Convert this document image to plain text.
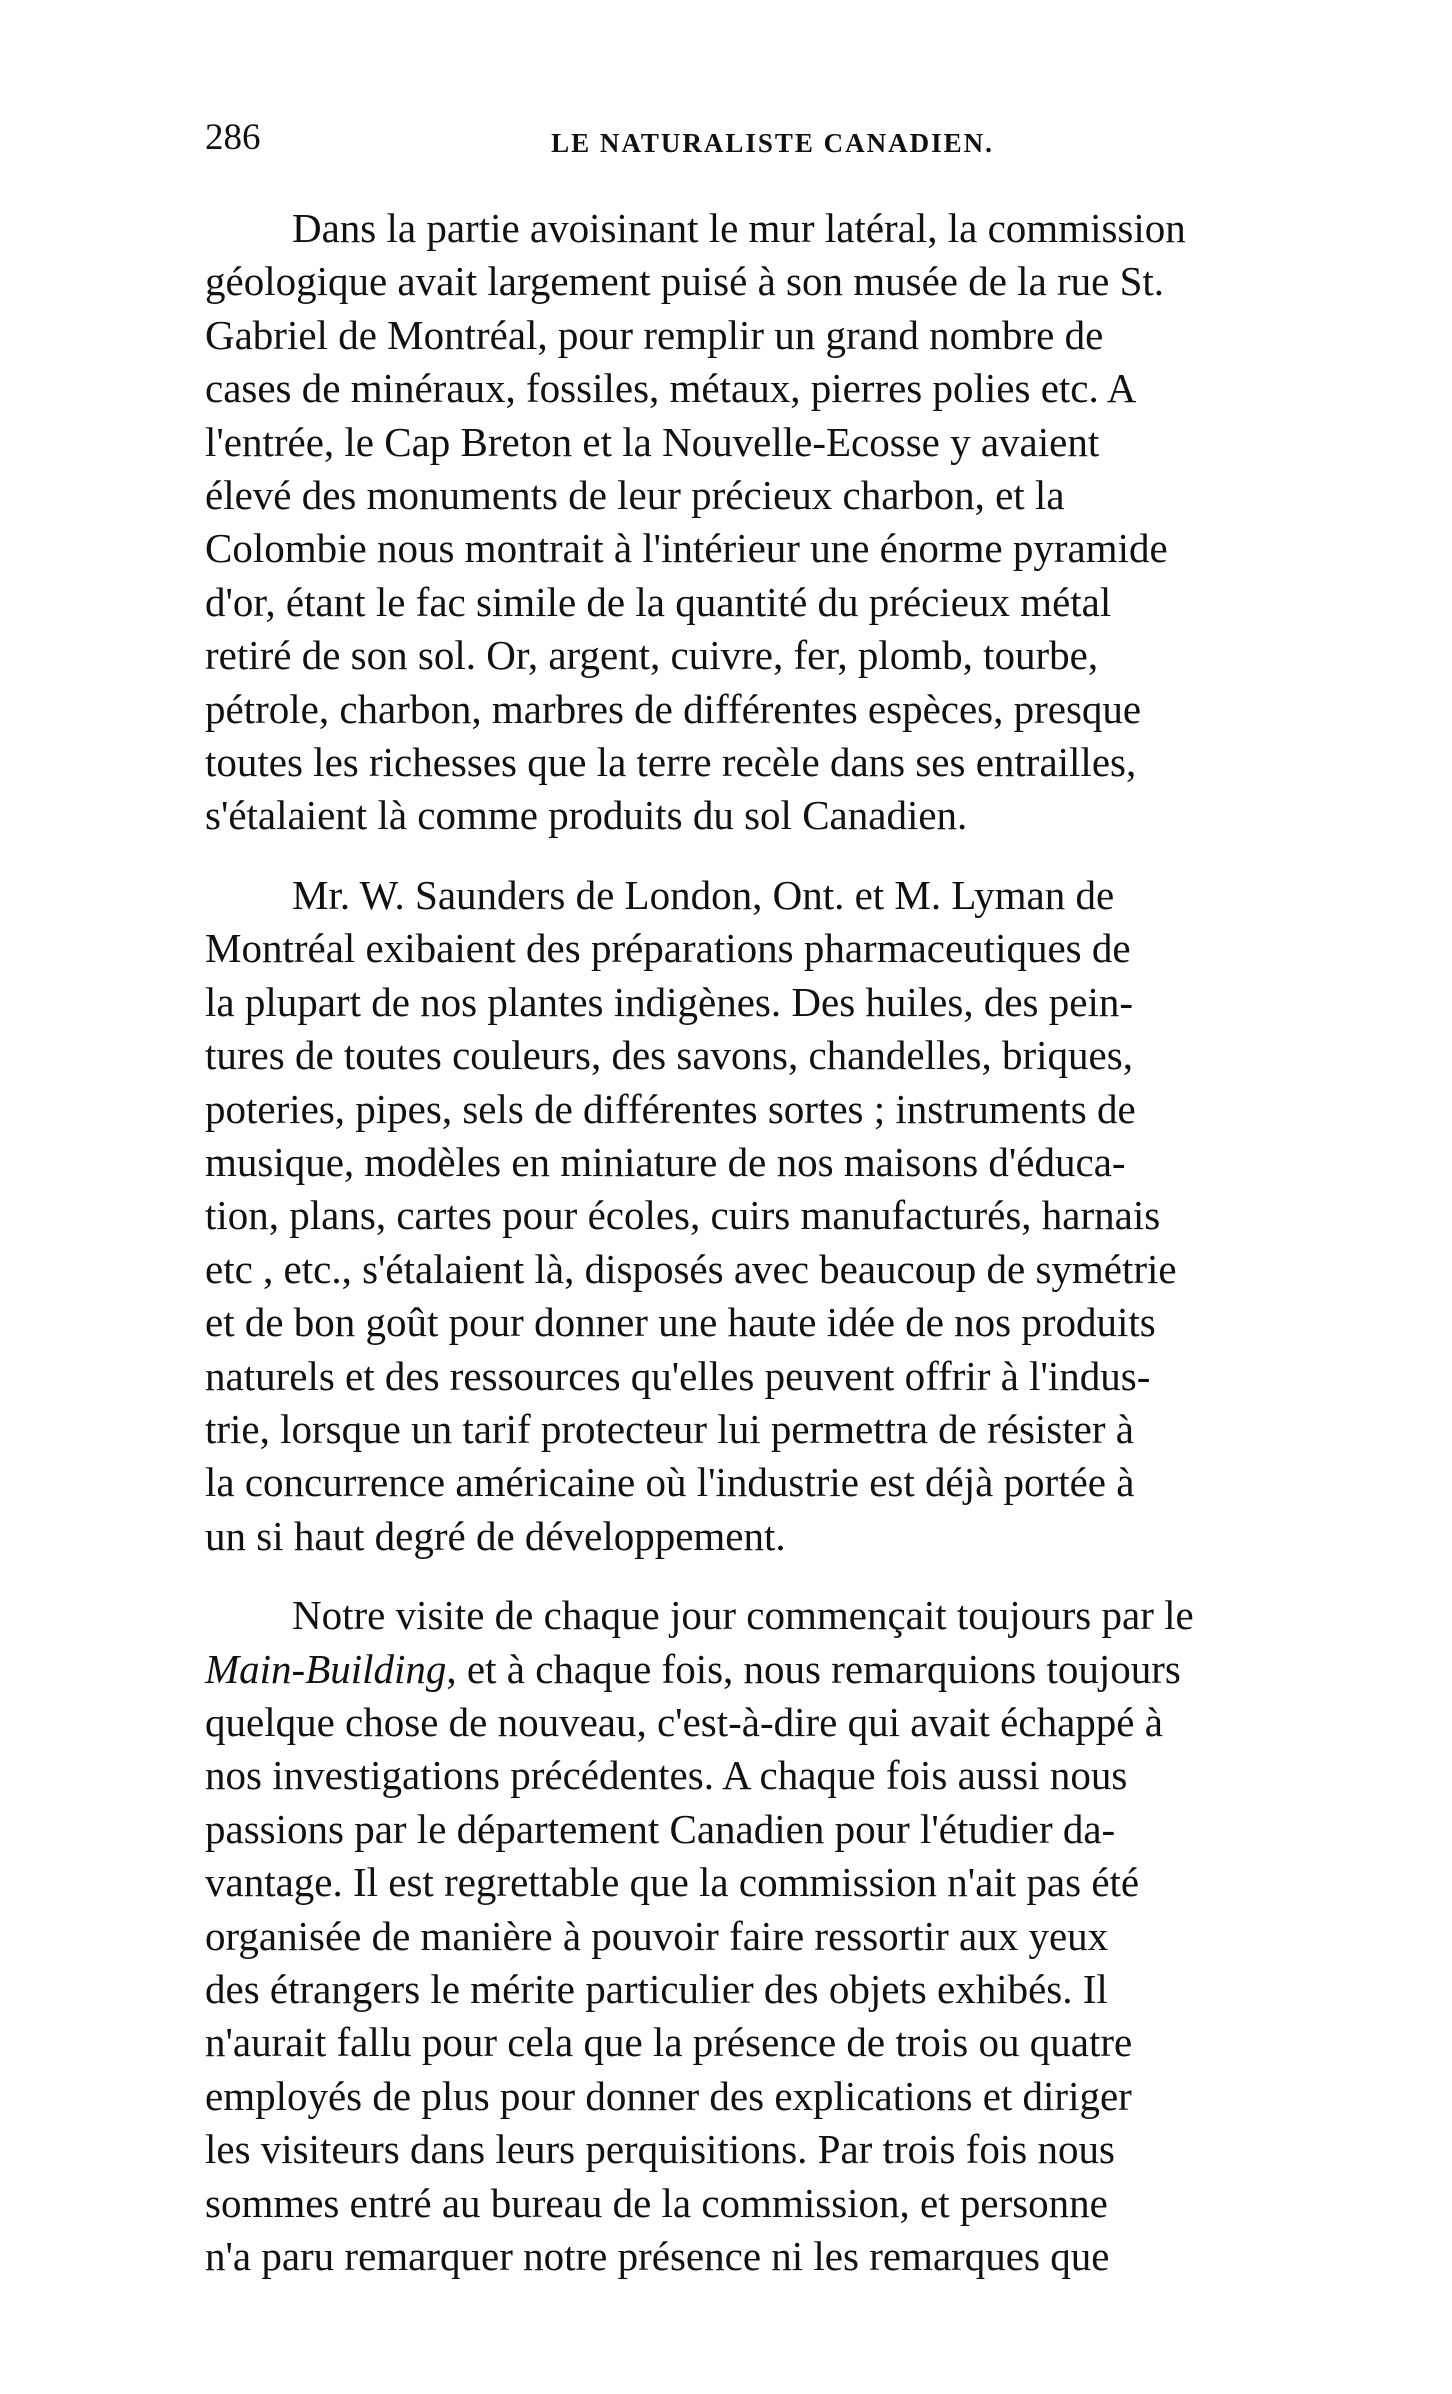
286	LE NATURALISTE CANADIEN.
Dans la partie avoisinant le mur latéral, la commission
géologique avait largement puisé à son musée de la rue St.
Gabriel de Montréal, pour remplir un grand nombre de
cases de minéraux, fossiles, métaux, pierres polies etc. A
l'entrée, le Cap Breton et la Nouvelle-Ecosse y avaient
élevé des monuments de leur précieux charbon, et la
Colombie nous montrait à l'intérieur une énorme pyramide
d'or, étant le fac simile de la quantité du précieux métal
retiré de son sol. Or, argent, cuivre, fer, plomb, tourbe,
pétrole, charbon, marbres de différentes espèces, presque
toutes les richesses que la terre recèle dans ses entrailles,
s'étalaient là comme produits du sol Canadien.
Mr. W. Saunders de London, Ont. et M. Lyman de
Montréal exibaient des préparations pharmaceutiques de
la plupart de nos plantes indigènes. Des huiles, des pein-
tures de toutes couleurs, des savons, chandelles, briques,
poteries, pipes, sels de différentes sortes ; instruments de
musique, modèles en miniature de nos maisons d'éduca-
tion, plans, cartes pour écoles, cuirs manufacturés, harnais
etc , etc., s'étalaient là, disposés avec beaucoup de symétrie
et de bon goût pour donner une haute idée de nos produits
naturels et des ressources qu'elles peuvent offrir à l'indus-
trie, lorsque un tarif protecteur lui permettra de résister à
la concurrence américaine où l'industrie est déjà portée à
un si haut degré de développement.
Notre visite de chaque jour commençait toujours par le
Main-Building, et à chaque fois, nous remarquions toujours
quelque chose de nouveau, c'est-à-dire qui avait échappé à
nos investigations précédentes. A chaque fois aussi nous
passions par le département Canadien pour l'étudier da-
vantage. Il est regrettable que la commission n'ait pas été
organisée de manière à pouvoir faire ressortir aux yeux
des étrangers le mérite particulier des objets exhibés. Il
n'aurait fallu pour cela que la présence de trois ou quatre
employés de plus pour donner des explications et diriger
les visiteurs dans leurs perquisitions. Par trois fois nous
sommes entré au bureau de la commission, et personne
n'a paru remarquer notre présence ni les remarques que
